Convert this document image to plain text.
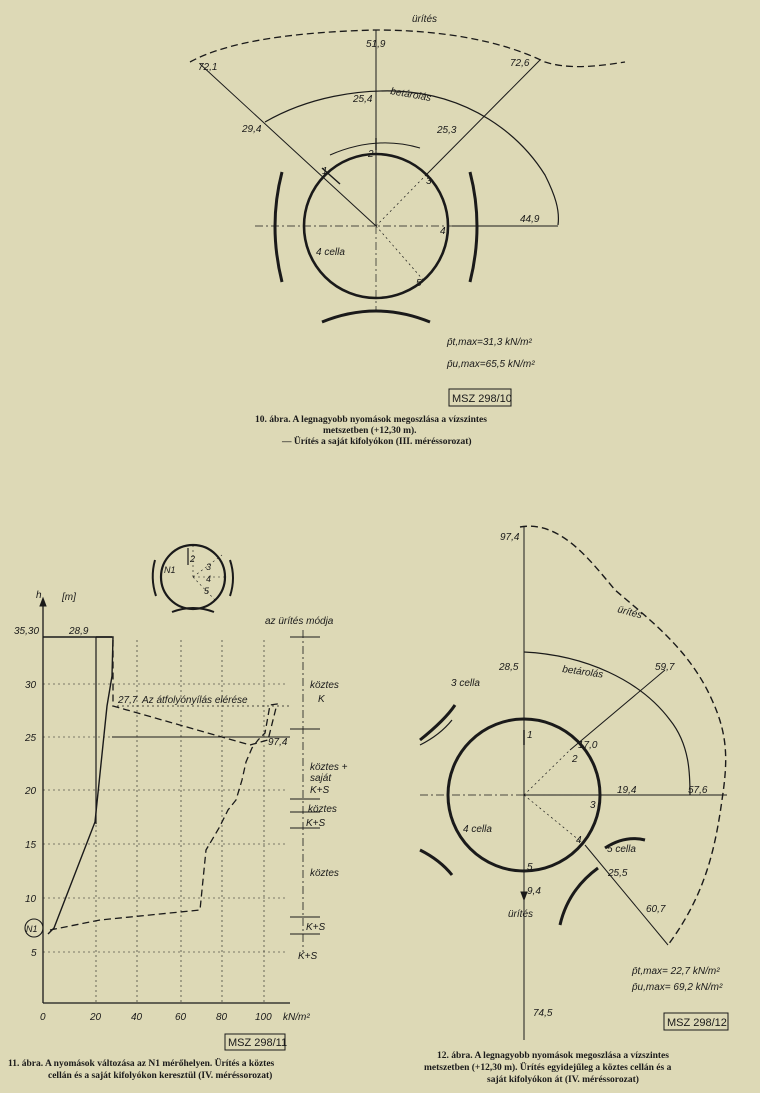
ürítés
51,9
72,1	72,6
betárolás
25,4
29,4	25,3
44,9
1
2
3
4
5
4 cella
p̄t,max=31,3 kN/m²
p̄u,max=65,5 kN/m²
MSZ 298/10
10. ábra. A legnagyobb nyomások megoszlása a vízszintes
metszetben (+12,30 m).
— Ürítés a saját kifolyókon (III. méréssorozat)
h [m]
35,30
30
25
20
15
10
5
0	20	40	60	80	100 kN/m²
28,9
27,7
97,4
N1
az ürítés módja
Az átfolyónyílás elérése
köztes
K
köztes +
saját
K+S
köztes
K+S
köztes
K+S
K+S
N1
2
3
4
5
MSZ 298/11
11. ábra. A nyomások változása az N1 mérőhelyen. Ürítés a köztes
cellán és a saját kifolyókon keresztül (IV. méréssorozat)
97,4
ürítés
betárolás
28,5	59,7
17,0
19,4	57,6
25,5
60,7
9,4
74,5
3 cella
4 cella
5 cella
1
2
3
4
5
ürítés
p̄t,max= 22,7 kN/m²
p̄u,max= 69,2 kN/m²
MSZ 298/12
12. ábra. A legnagyobb nyomások megoszlása a vízszintes
metszetben (+12,30 m). Ürítés egyidejűleg a köztes cellán és a
saját kifolyókon át (IV. méréssorozat)
